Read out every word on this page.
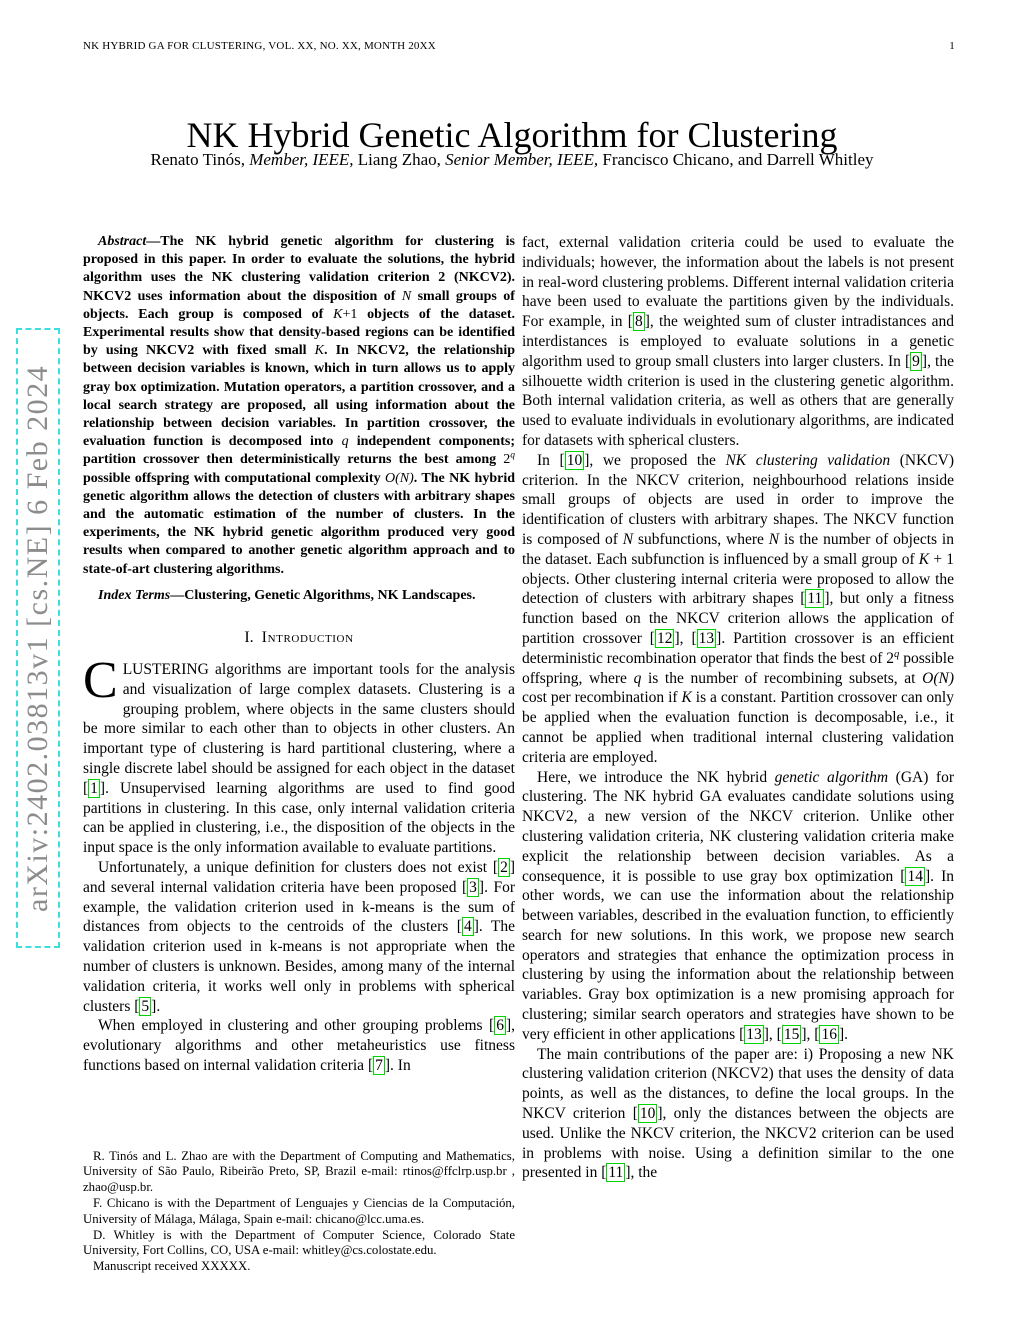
NK HYBRID GA FOR CLUSTERING, VOL. XX, NO. XX, MONTH 20XX	1
NK Hybrid Genetic Algorithm for Clustering
Renato Tinós, Member, IEEE, Liang Zhao, Senior Member, IEEE, Francisco Chicano, and Darrell Whitley
arXiv:2402.03813v1 [cs.NE] 6 Feb 2024

Abstract—The NK hybrid genetic algorithm for clustering is proposed in this paper. In order to evaluate the solutions, the hybrid algorithm uses the NK clustering validation criterion 2 (NKCV2). NKCV2 uses information about the disposition of N small groups of objects. Each group is composed of K+1 objects of the dataset. Experimental results show that density-based regions can be identified by using NKCV2 with fixed small K. In NKCV2, the relationship between decision variables is known, which in turn allows us to apply gray box optimization. Mutation operators, a partition crossover, and a local search strategy are proposed, all using information about the relationship between decision variables. In partition crossover, the evaluation function is decomposed into q independent components; partition crossover then deterministically returns the best among 2$^q$ possible offspring with computational complexity O(N). The NK hybrid genetic algorithm allows the detection of clusters with arbitrary shapes and the automatic estimation of the number of clusters. In the experiments, the NK hybrid genetic algorithm produced very good results when compared to another genetic algorithm approach and to state-of-art clustering algorithms.

Index Terms—Clustering, Genetic Algorithms, NK Landscapes.

I. Introduction

CLUSTERING algorithms are important tools for the analysis and visualization of large complex datasets. Clustering is a grouping problem, where objects in the same clusters should be more similar to each other than to objects in other clusters. An important type of clustering is hard partitional clustering, where a single discrete label should be assigned for each object in the dataset [ 1 ]. Unsupervised learning algorithms are used to find good partitions in clustering. In this case, only internal validation criteria can be applied in clustering, i.e., the disposition of the objects in the input space is the only information available to evaluate partitions.

Unfortunately, a unique definition for clusters does not exist [ 2 ] and several internal validation criteria have been proposed [ 3 ]. For example, the validation criterion used in k-means is the sum of distances from objects to the centroids of the clusters [ 4 ]. The validation criterion used in k-means is not appropriate when the number of clusters is unknown. Besides, among many of the internal validation criteria, it works well only in problems with spherical clusters [ 5 ].

When employed in clustering and other grouping problems [ 6 ], evolutionary algorithms and other metaheuristics use fitness functions based on internal validation criteria [ 7 ]. In

R. Tinós and L. Zhao are with the Department of Computing and Mathematics, University of São Paulo, Ribeirão Preto, SP, Brazil e-mail: rtinos@ffclrp.usp.br , zhao@usp.br.

F. Chicano is with the Department of Lenguajes y Ciencias de la Computación, University of Málaga, Málaga, Spain e-mail: chicano@lcc.uma.es.

D. Whitley is with the Department of Computer Science, Colorado State University, Fort Collins, CO, USA e-mail: whitley@cs.colostate.edu.

Manuscript received XXXXX.

fact, external validation criteria could be used to evaluate the individuals; however, the information about the labels is not present in real-word clustering problems. Different internal validation criteria have been used to evaluate the partitions given by the individuals. For example, in [ 8 ], the weighted sum of cluster intradistances and interdistances is employed to evaluate solutions in a genetic algorithm used to group small clusters into larger clusters. In [ 9 ], the silhouette width criterion is used in the clustering genetic algorithm. Both internal validation criteria, as well as others that are generally used to evaluate individuals in evolutionary algorithms, are indicated for datasets with spherical clusters.

In [ 10 ], we proposed the NK clustering validation (NKCV) criterion. In the NKCV criterion, neighbourhood relations inside small groups of objects are used in order to improve the identification of clusters with arbitrary shapes. The NKCV function is composed of N subfunctions, where N is the number of objects in the dataset. Each subfunction is influenced by a small group of K + 1 objects. Other clustering internal criteria were proposed to allow the detection of clusters with arbitrary shapes [ 11 ], but only a fitness function based on the NKCV criterion allows the application of partition crossover [ 12 ], [ 13 ]. Partition crossover is an efficient deterministic recombination operator that finds the best of 2$^q$ possible offspring, where q is the number of recombining subsets, at O(N) cost per recombination if K is a constant. Partition crossover can only be applied when the evaluation function is decomposable, i.e., it cannot be applied when traditional internal clustering validation criteria are employed.

Here, we introduce the NK hybrid genetic algorithm (GA) for clustering. The NK hybrid GA evaluates candidate solutions using NKCV2, a new version of the NKCV criterion. Unlike other clustering validation criteria, NK clustering validation criteria make explicit the relationship between decision variables. As a consequence, it is possible to use gray box optimization [ 14 ]. In other words, we can use the information about the relationship between variables, described in the evaluation function, to efficiently search for new solutions. In this work, we propose new search operators and strategies that enhance the optimization process in clustering by using the information about the relationship between variables. Gray box optimization is a new promising approach for clustering; similar search operators and strategies have shown to be very efficient in other applications [ 13 ], [ 15 ], [ 16 ].

The main contributions of the paper are: i) Proposing a new NK clustering validation criterion (NKCV2) that uses the density of data points, as well as the distances, to define the local groups. In the NKCV criterion [ 10 ], only the distances between the objects are used. Unlike the NKCV criterion, the NKCV2 criterion can be used in problems with noise. Using a definition similar to the one presented in [ 11 ], the
